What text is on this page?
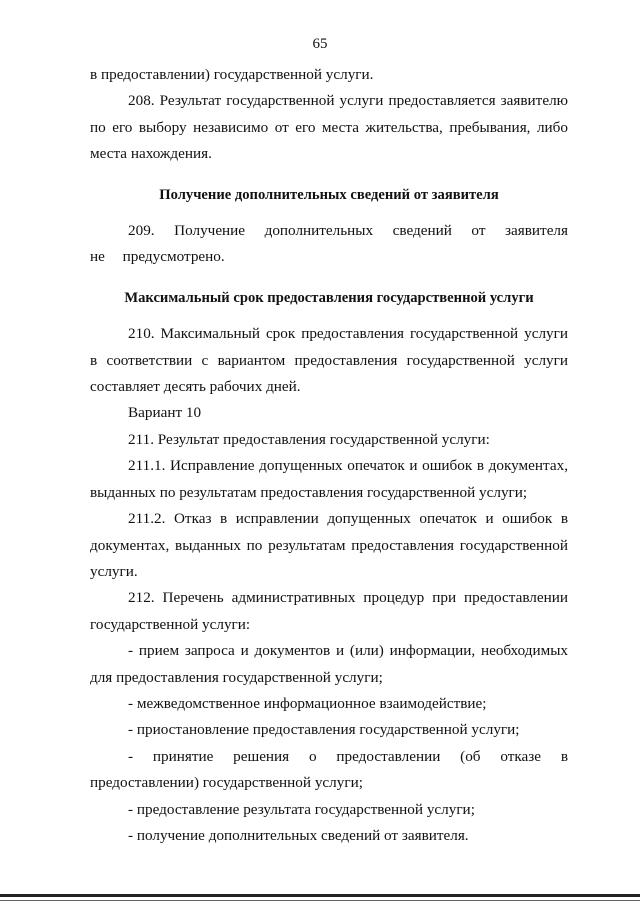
65

в предоставлении) государственной услуги.

208. Результат государственной услуги предоставляется заявителю по его выбору независимо от его места жительства, пребывания, либо места нахождения.

Получение дополнительных сведений от заявителя

209. Получение дополнительных сведений от заявителя не предусмотрено.

Максимальный срок предоставления государственной услуги

210. Максимальный срок предоставления государственной услуги в соответствии с вариантом предоставления государственной услуги составляет десять рабочих дней.

Вариант 10

211. Результат предоставления государственной услуги:

211.1. Исправление допущенных опечаток и ошибок в документах, выданных по результатам предоставления государственной услуги;

211.2. Отказ в исправлении допущенных опечаток и ошибок в документах, выданных по результатам предоставления государственной услуги.

212. Перечень административных процедур при предоставлении государственной услуги:

- прием запроса и документов и (или) информации, необходимых для предоставления государственной услуги;

- межведомственное информационное взаимодействие;

- приостановление предоставления государственной услуги;

- принятие решения о предоставлении (об отказе в предоставлении) государственной услуги;

- предоставление результата государственной услуги;

- получение дополнительных сведений от заявителя.
